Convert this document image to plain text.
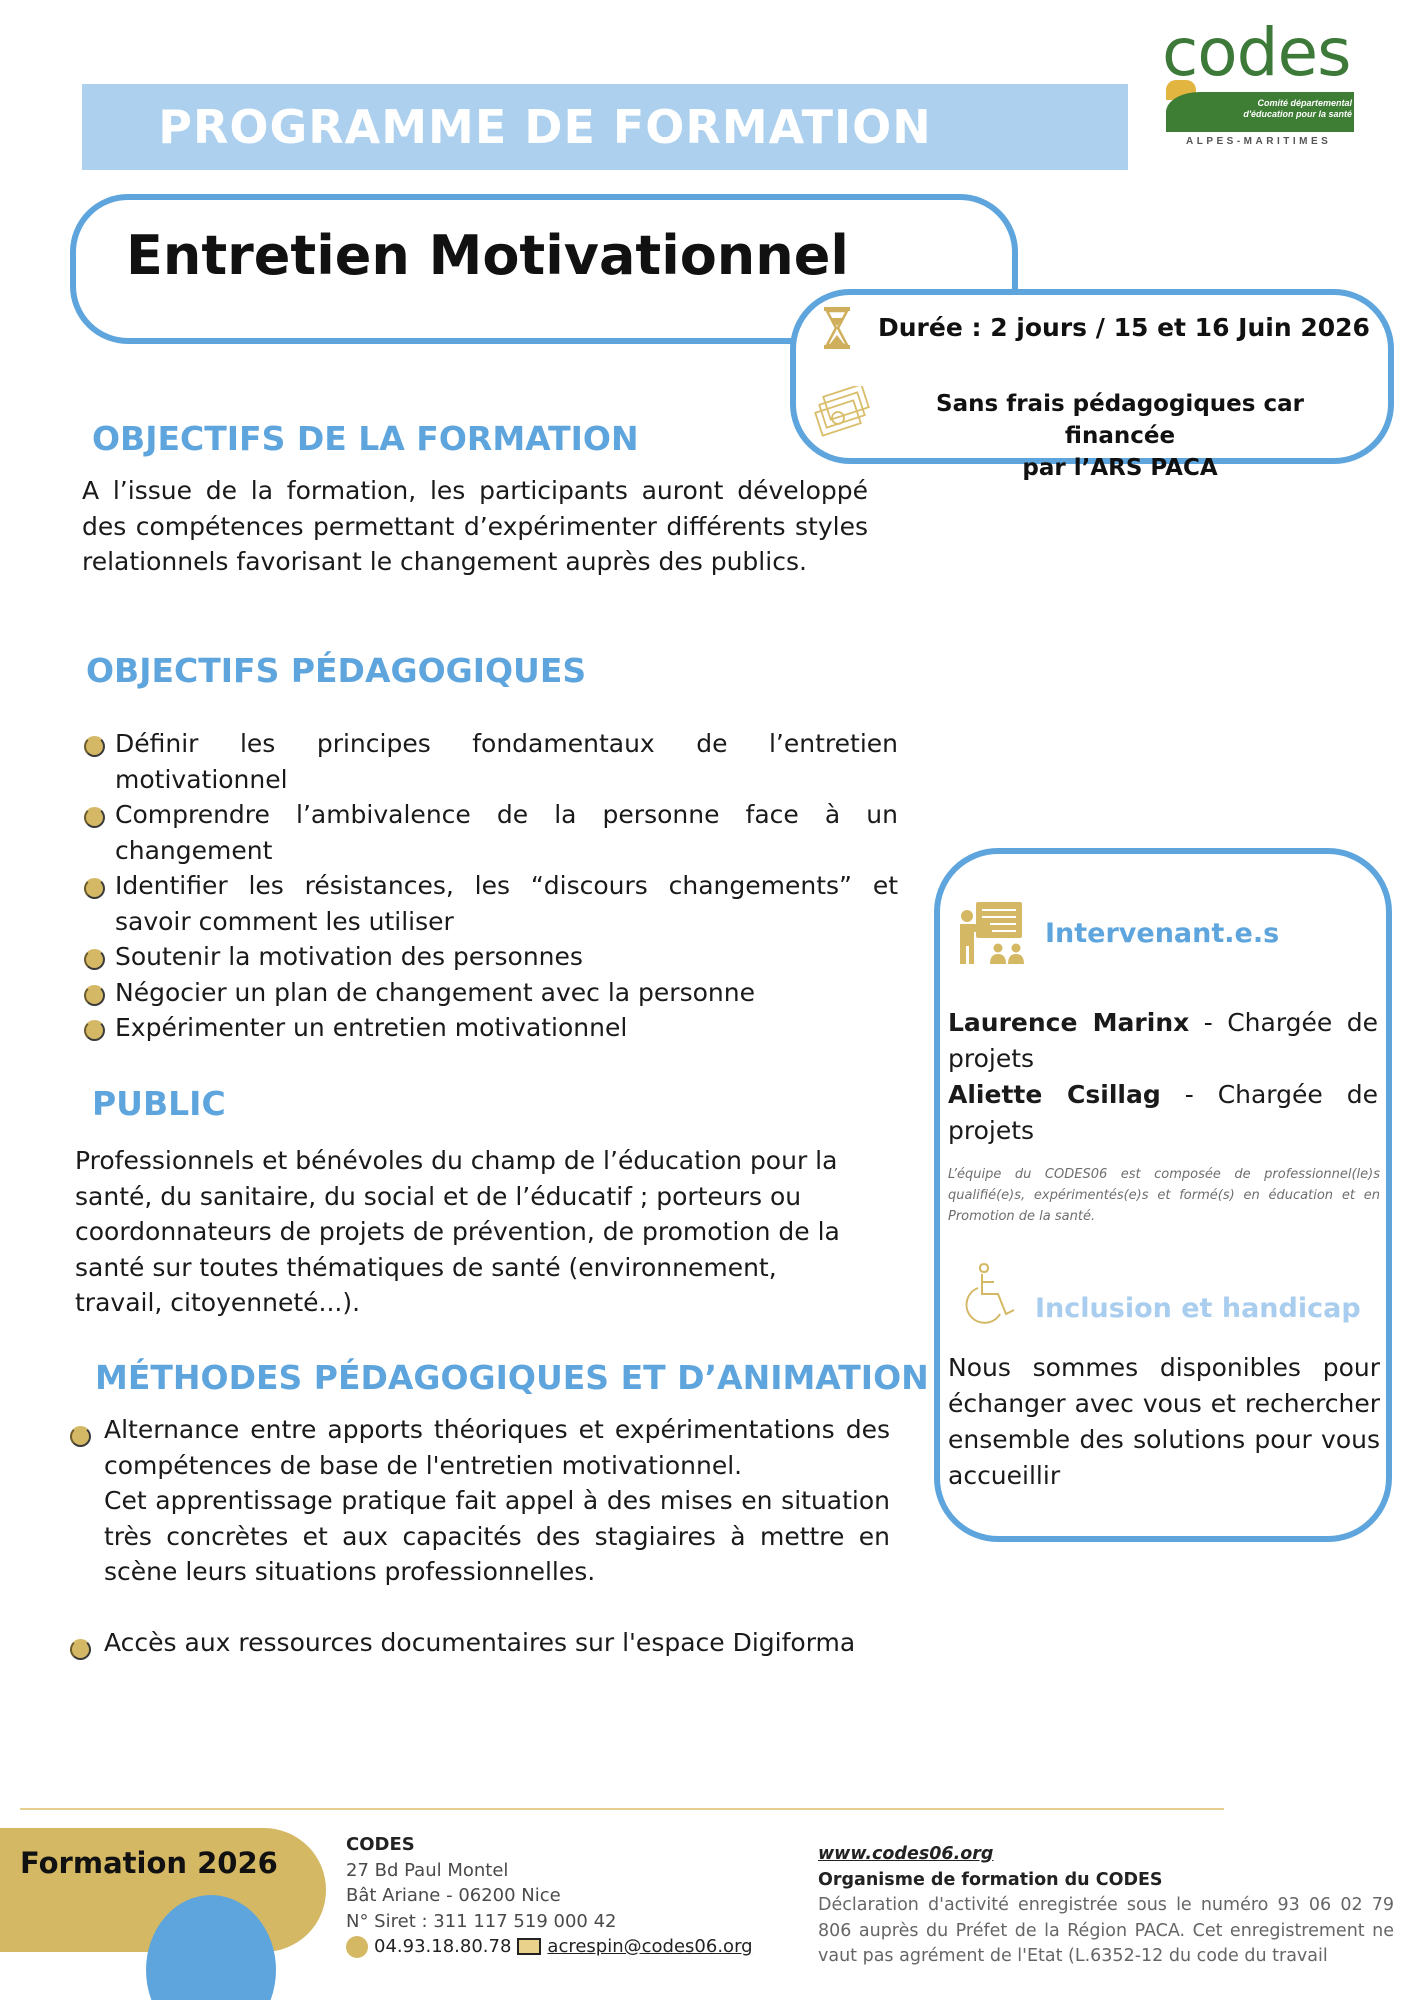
PROGRAMME DE FORMATION
codes
Comité départemental
d'éducation pour la santé
ALPES-MARITIMES
Entretien Motivationnel
Durée : 2 jours / 15 et 16 Juin 2026
Sans frais pédagogiques car financée
par l’ARS PACA
OBJECTIFS DE LA FORMATION
A l’issue de la formation, les participants auront développé des compétences permettant d’expérimenter différents styles relationnels favorisant le changement auprès des publics.
OBJECTIFS PÉDAGOGIQUES
Définir les principes fondamentaux de l’entretien motivationnel
Comprendre l’ambivalence de la personne face à un changement
Identifier les résistances, les “discours changements” et savoir comment les utiliser
Soutenir la motivation des personnes
Négocier un plan de changement avec la personne
Expérimenter un entretien motivationnel
PUBLIC
Professionnels et bénévoles du champ de l’éducation pour la santé, du sanitaire, du social et de l’éducatif ; porteurs ou coordonnateurs de projets de prévention, de promotion de la santé sur toutes thématiques de santé (environnement, travail, citoyenneté...).
MÉTHODES PÉDAGOGIQUES ET D’ANIMATION
Alternance entre apports théoriques et expérimentations des compétences de base de l'entretien motivationnel.
Cet apprentissage pratique fait appel à des mises en situation très concrètes et aux capacités des stagiaires à mettre en scène leurs situations professionnelles.
Accès aux ressources documentaires sur l'espace Digiforma
Intervenant.e.s
Laurence Marinx - Chargée de projets
Aliette Csillag - Chargée de projets
L’équipe du CODES06 est composée de professionnel(le)s qualifié(e)s, expérimentés(e)s et formé(s) en éducation et en Promotion de la santé.
Inclusion et handicap
Nous sommes disponibles pour échanger avec vous et rechercher ensemble des solutions pour vous accueillir
Formation 2026
CODES
27 Bd Paul Montel
Bât Ariane - 06200 Nice
N° Siret : 311 117 519 000 42
04.93.18.80.78 acrespin@codes06.org
www.codes06.org
Organisme de formation du CODES
Déclaration d'activité enregistrée sous le numéro 93 06 02 79 806 auprès du Préfet de la Région PACA. Cet enregistrement ne vaut pas agrément de l'Etat (L.6352-12 du code du travail
